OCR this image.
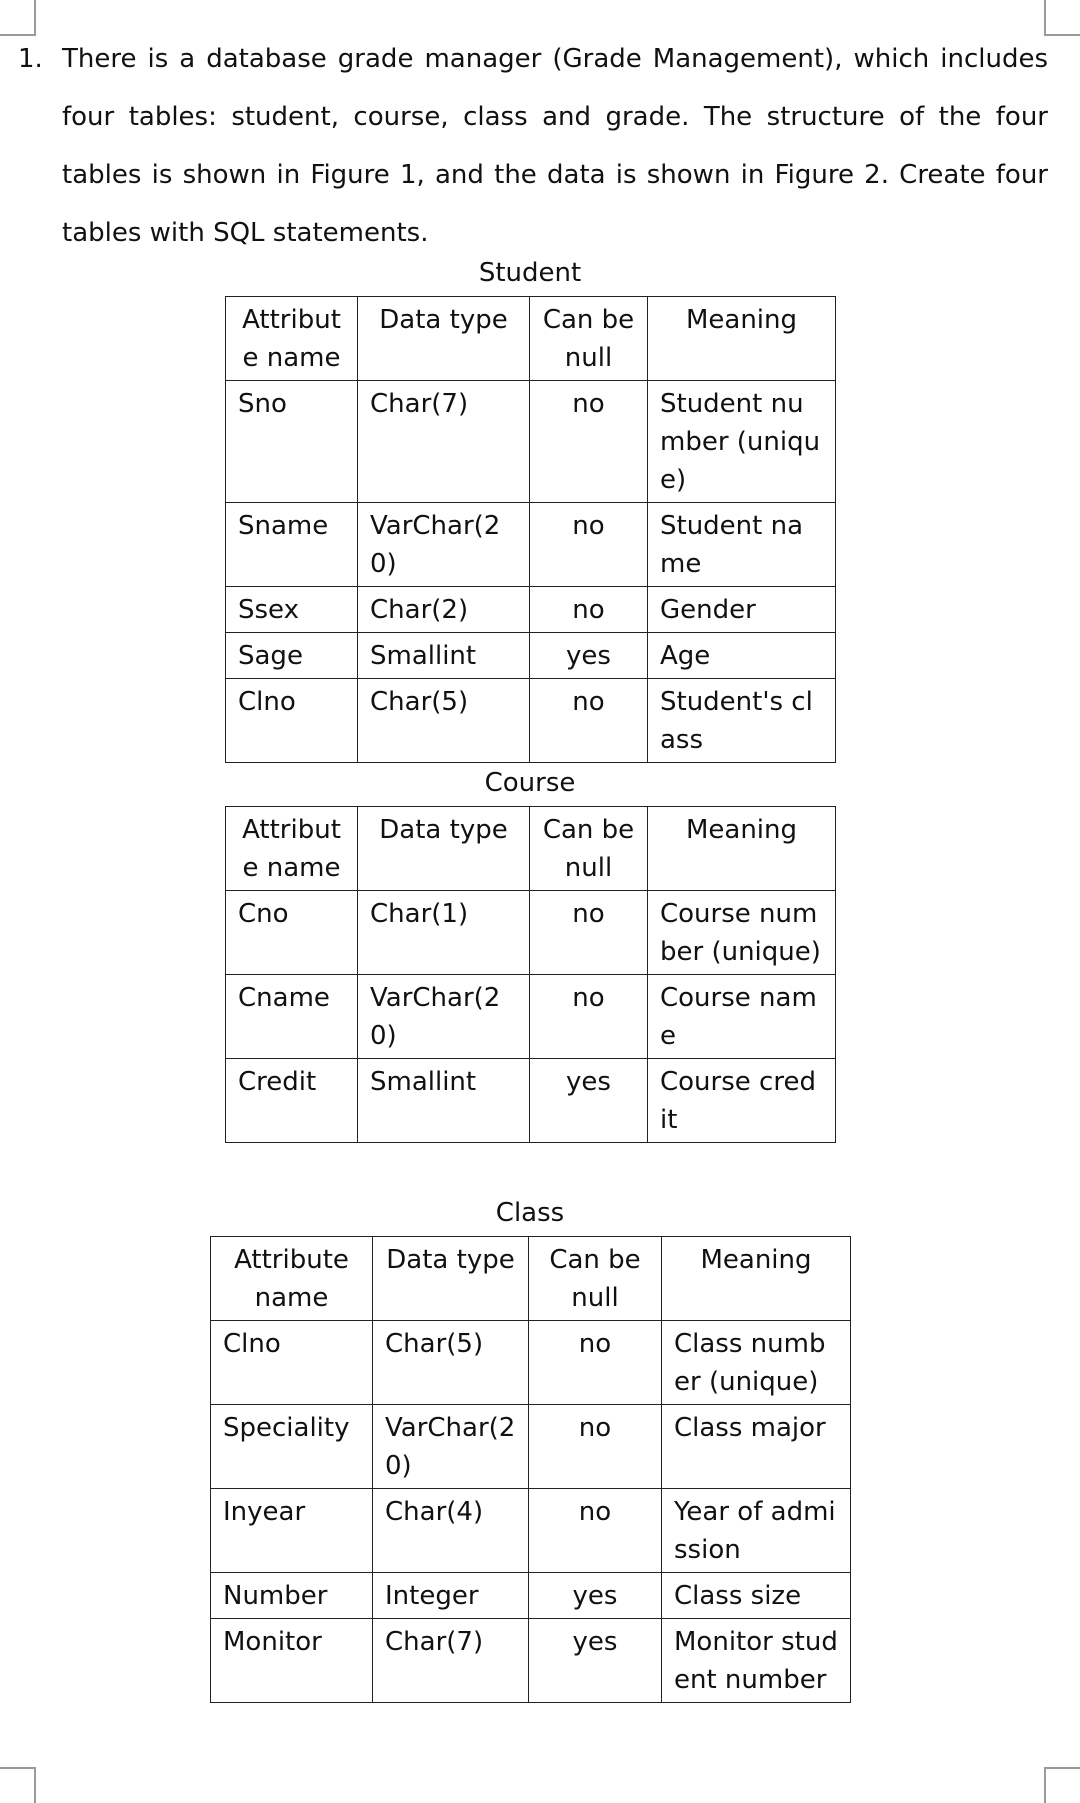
1. There is a database grade manager (Grade Management), which includes four tables: student, course, class and grade. The structure of the four tables is shown in Figure 1, and the data is shown in Figure 2. Create four tables with SQL statements.
Student
Attribute name	Data type	Can be null	Meaning
Sno	Char(7)	no	Student number (unique)
Sname	VarChar(20)	no	Student name
Ssex	Char(2)	no	Gender
Sage	Smallint	yes	Age
Clno	Char(5)	no	Student's class
Course
Attribute name	Data type	Can be null	Meaning
Cno	Char(1)	no	Course number (unique)
Cname	VarChar(20)	no	Course name
Credit	Smallint	yes	Course credit
Class
Attribute name	Data type	Can be null	Meaning
Clno	Char(5)	no	Class number (unique)
Speciality	VarChar(20)	no	Class major
Inyear	Char(4)	no	Year of admission
Number	Integer	yes	Class size
Monitor	Char(7)	yes	Monitor student number
